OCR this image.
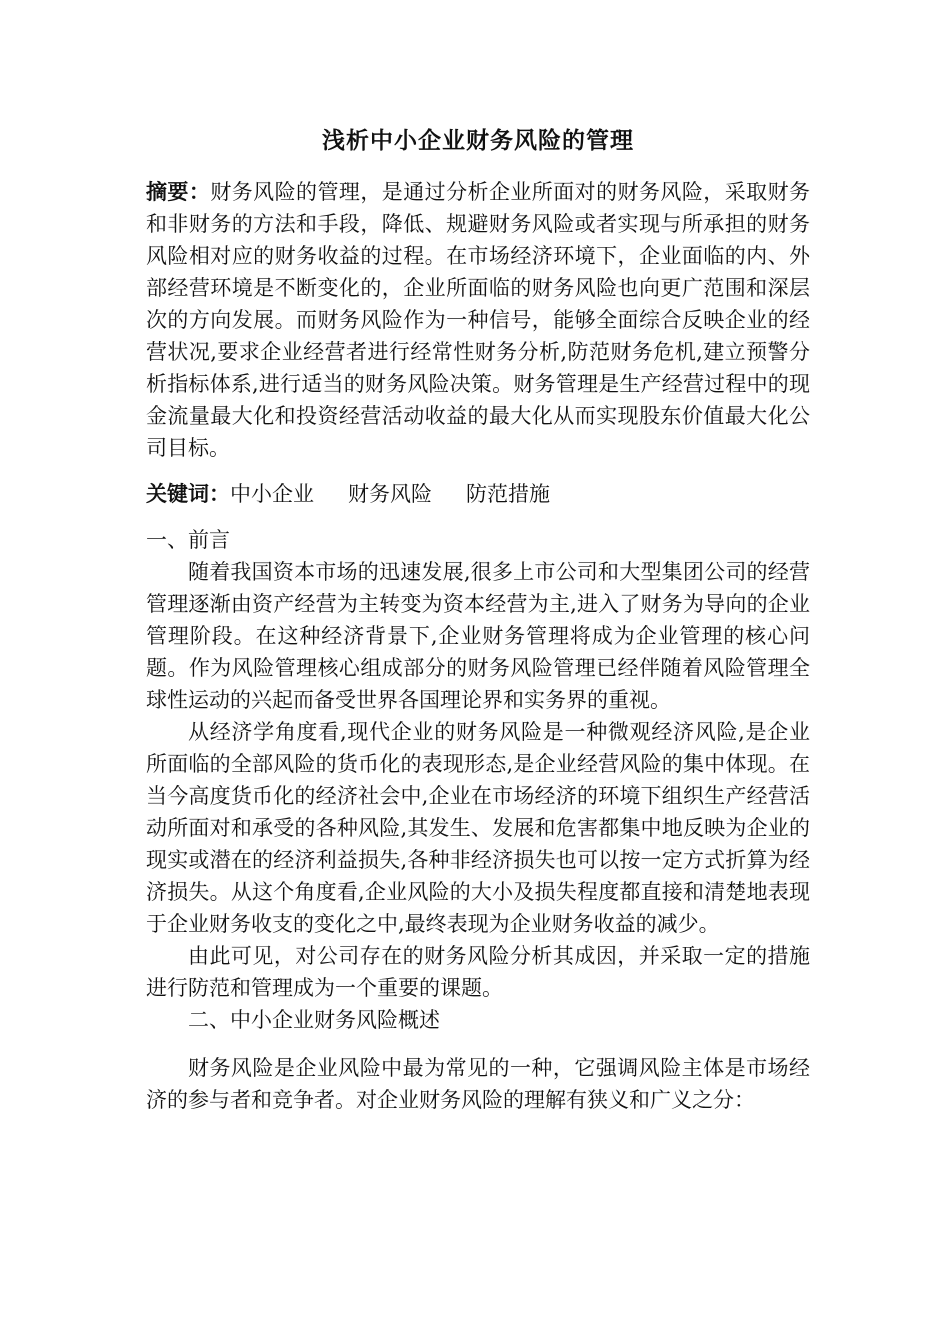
浅析中小企业财务风险的管理

摘要：财务风险的管理，是通过分析企业所面对的财务风险，采取财务和非财务的方法和手段，降低、规避财务风险或者实现与所承担的财务风险相对应的财务收益的过程。在市场经济环境下，企业面临的内、外部经营环境是不断变化的，企业所面临的财务风险也向更广范围和深层次的方向发展。而财务风险作为一种信号，能够全面综合反映企业的经营状况,要求企业经营者进行经常性财务分析,防范财务危机,建立预警分析指标体系,进行适当的财务风险决策。财务管理是生产经营过程中的现金流量最大化和投资经营活动收益的最大化从而实现股东价值最大化公司目标。

关键词：中小企业 财务风险 防范措施

一、前言

随着我国资本市场的迅速发展,很多上市公司和大型集团公司的经营管理逐渐由资产经营为主转变为资本经营为主,进入了财务为导向的企业管理阶段。在这种经济背景下,企业财务管理将成为企业管理的核心问题。作为风险管理核心组成部分的财务风险管理已经伴随着风险管理全球性运动的兴起而备受世界各国理论界和实务界的重视。

从经济学角度看,现代企业的财务风险是一种微观经济风险,是企业所面临的全部风险的货币化的表现形态,是企业经营风险的集中体现。在当今高度货币化的经济社会中,企业在市场经济的环境下组织生产经营活动所面对和承受的各种风险,其发生、发展和危害都集中地反映为企业的现实或潜在的经济利益损失,各种非经济损失也可以按一定方式折算为经济损失。从这个角度看,企业风险的大小及损失程度都直接和清楚地表现于企业财务收支的变化之中,最终表现为企业财务收益的减少。

由此可见，对公司存在的财务风险分析其成因，并采取一定的措施进行防范和管理成为一个重要的课题。

二、中小企业财务风险概述

财务风险是企业风险中最为常见的一种，它强调风险主体是市场经济的参与者和竞争者。对企业财务风险的理解有狭义和广义之分：
